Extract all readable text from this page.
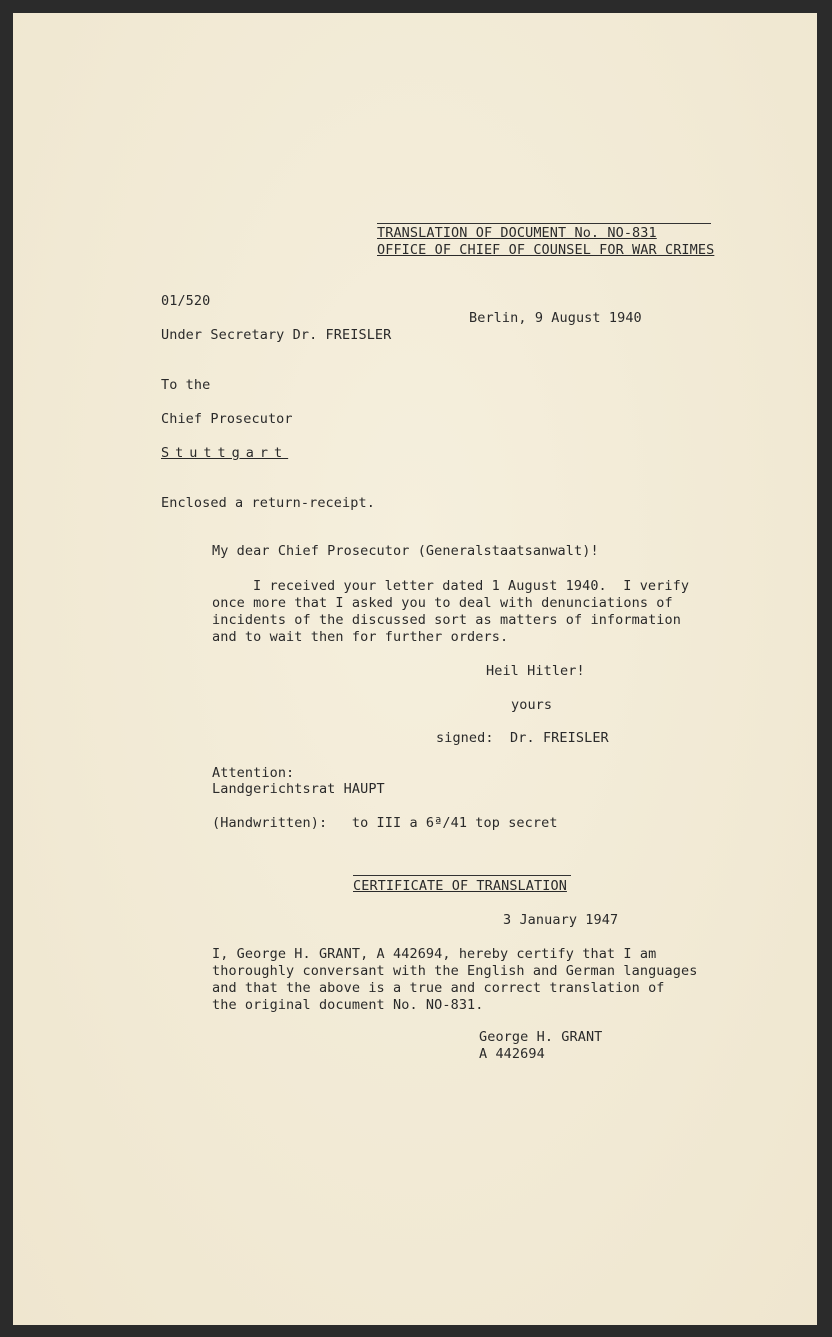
TRANSLATION OF DOCUMENT No. NO-831
OFFICE OF CHIEF OF COUNSEL FOR WAR CRIMES
01/520
Berlin, 9 August 1940
Under Secretary Dr. FREISLER
To the
Chief Prosecutor
Stuttgart
Enclosed a return-receipt.
My dear Chief Prosecutor (Generalstaatsanwalt)!
I received your letter dated 1 August 1940.  I verify
once more that I asked you to deal with denunciations of
incidents of the discussed sort as matters of information
and to wait then for further orders.
Heil Hitler!
yours
signed:  Dr. FREISLER
Attention:
Landgerichtsrat HAUPT
(Handwritten):   to III a 6ª/41 top secret
CERTIFICATE OF TRANSLATION
3 January 1947
I, George H. GRANT, A 442694, hereby certify that I am
thoroughly conversant with the English and German languages
and that the above is a true and correct translation of
the original document No. NO-831.
George H. GRANT
A 442694
